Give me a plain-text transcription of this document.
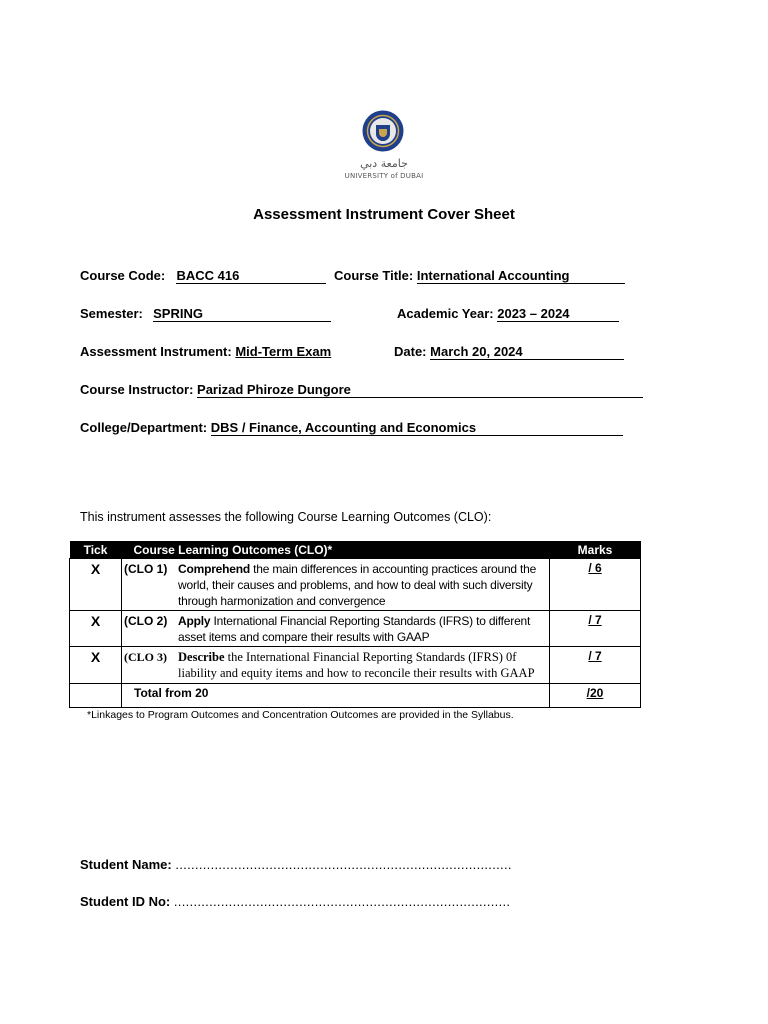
جامعة دبي
UNIVERSITY of DUBAI
Assessment Instrument Cover Sheet
Course Code: BACC 416	Course Title: International Accounting
Semester: SPRING	Academic Year: 2023 – 2024
Assessment Instrument: Mid-Term Exam	Date: March 20, 2024
Course Instructor: Parizad Phiroze Dungore
College/Department: DBS / Finance, Accounting and Economics
This instrument assesses the following Course Learning Outcomes (CLO):
Tick	Course Learning Outcomes (CLO)*	Marks
X	(CLO 1) Comprehend the main differences in accounting practices around the world, their causes and problems, and how to deal with such diversity through harmonization and convergence	/ 6
X	(CLO 2) Apply International Financial Reporting Standards (IFRS) to different asset items and compare their results with GAAP	/ 7
X	(CLO 3) Describe the International Financial Reporting Standards (IFRS) 0f liability and equity items and how to reconcile their results with GAAP	/ 7

	Total from 20	/20
*Linkages to Program Outcomes and Concentration Outcomes are provided in the Syllabus.
Student Name: ......................................................................................
Student ID No: ......................................................................................
